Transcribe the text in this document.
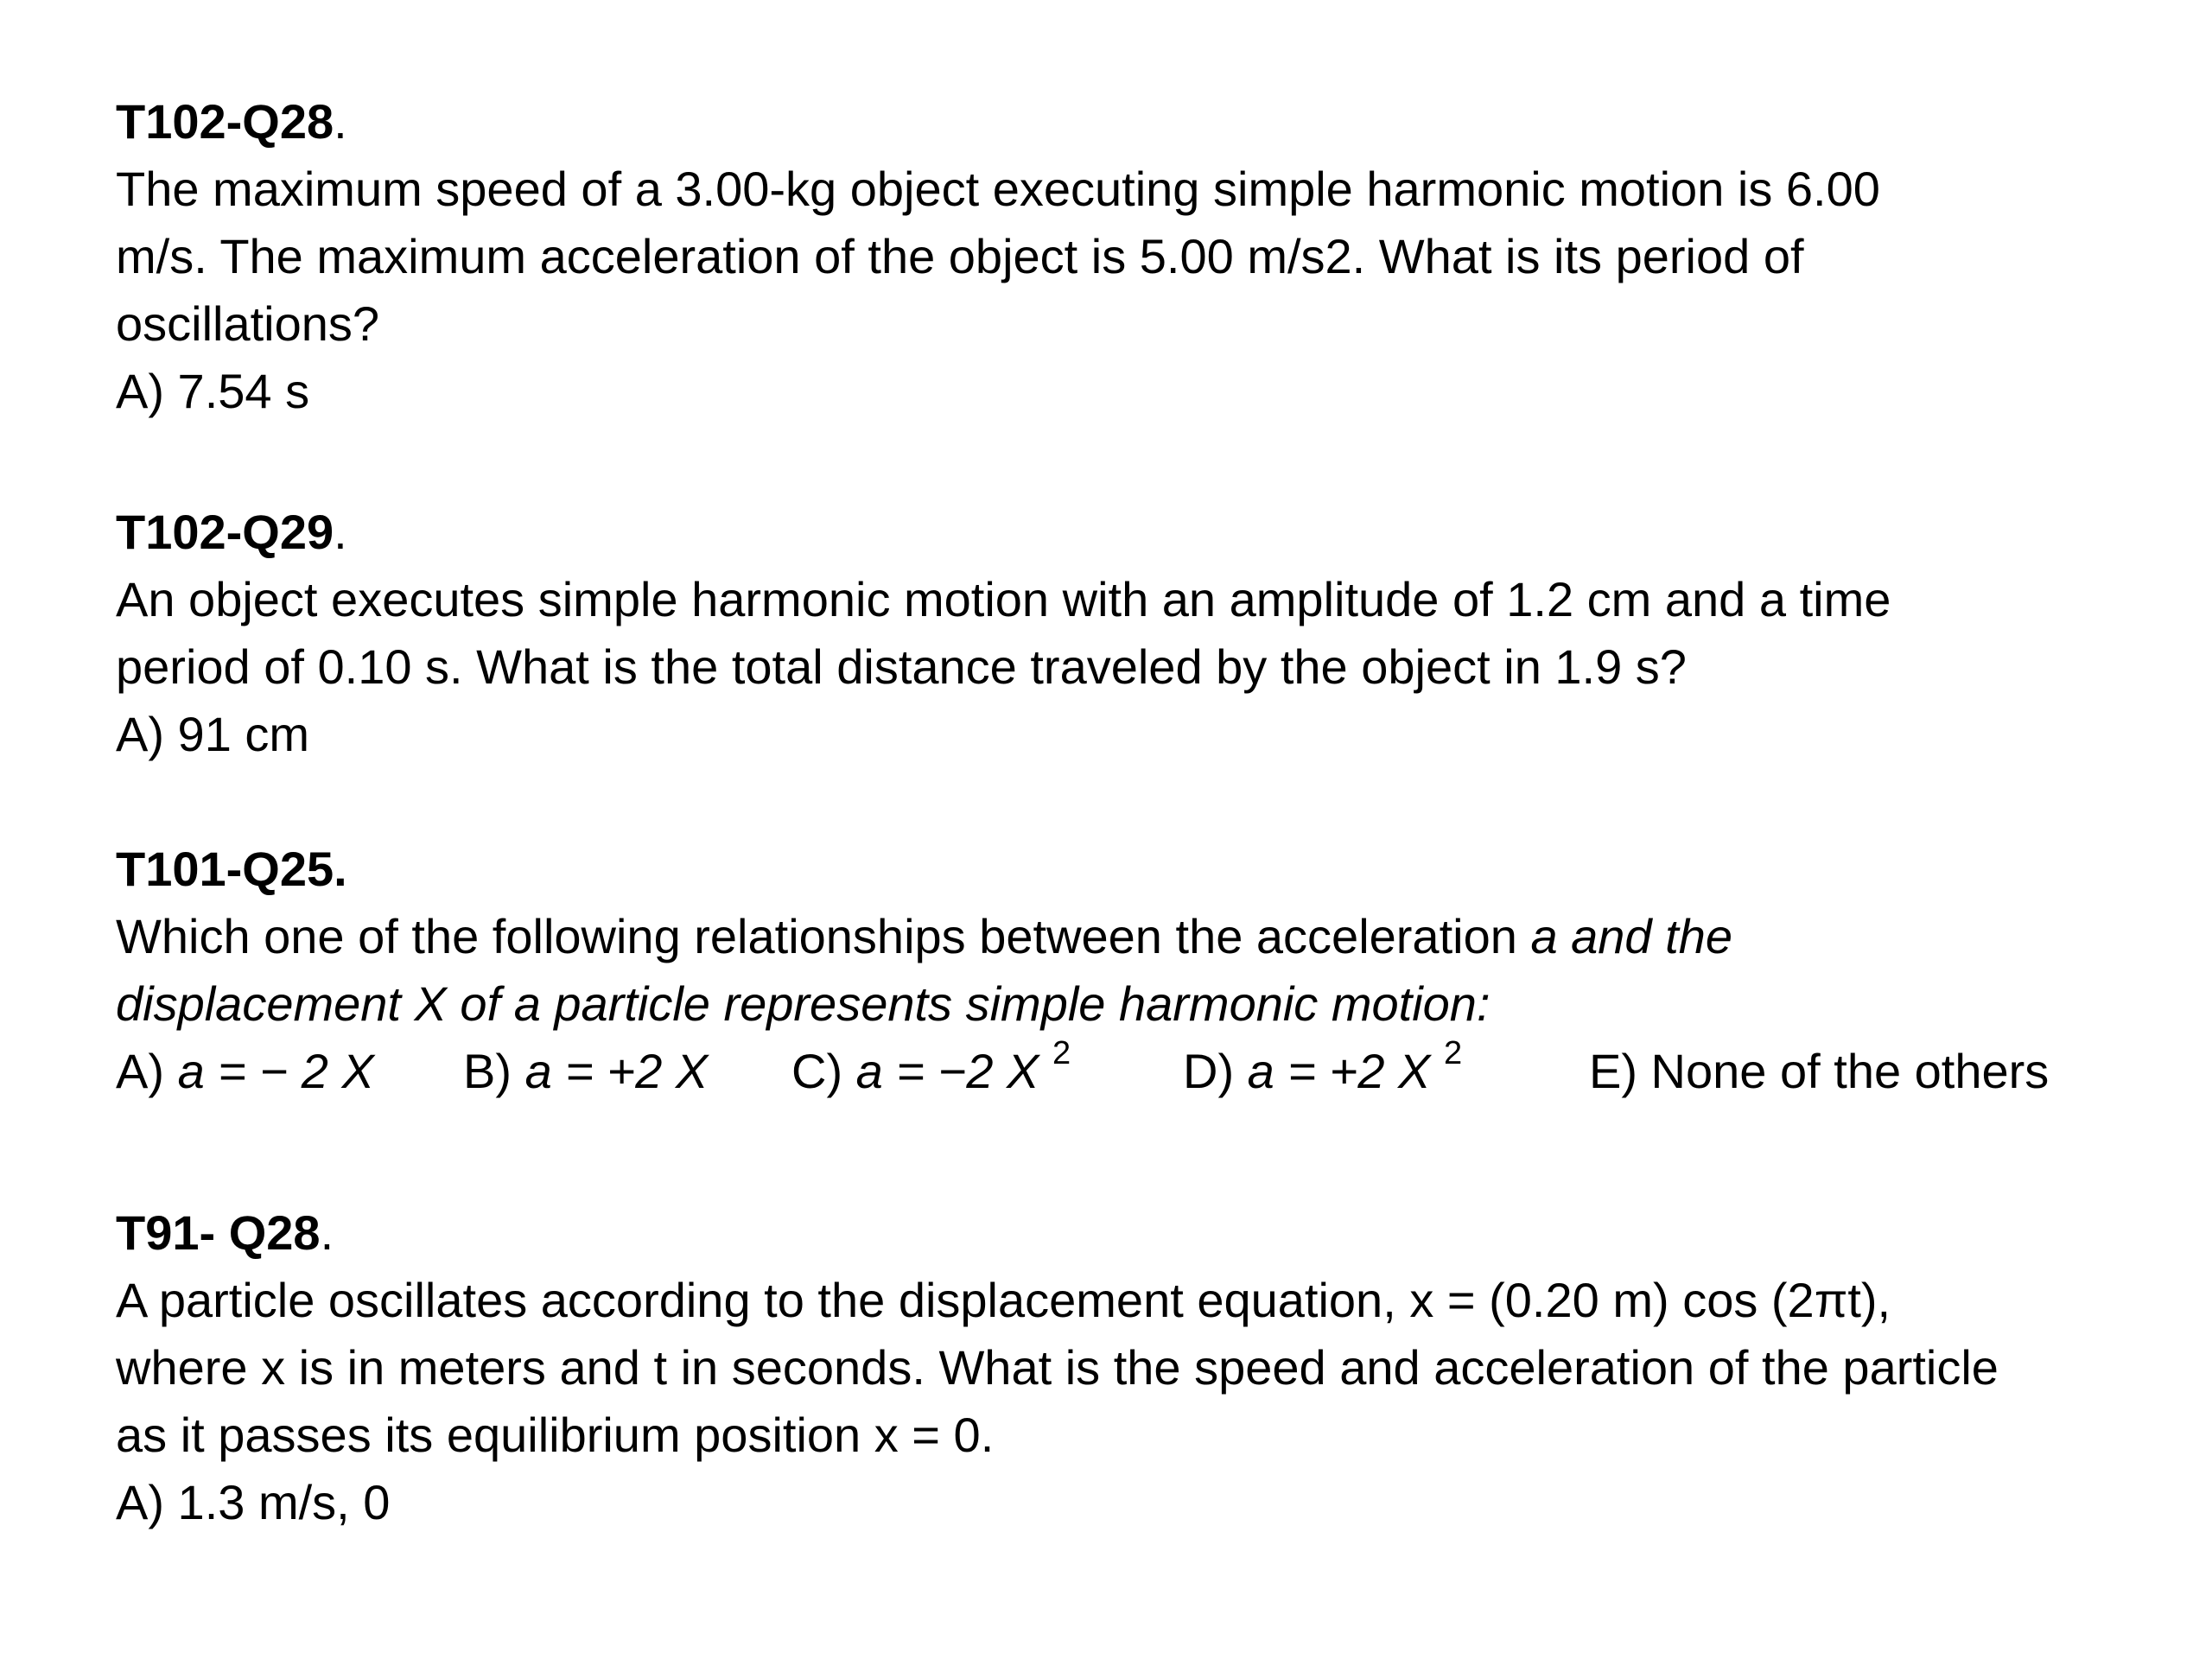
T102-Q28.
The maximum speed of a 3.00-kg object executing simple harmonic motion is 6.00
m/s. The maximum acceleration of the object is 5.00 m/s2. What is its period of
oscillations?
A) 7.54 s
T102-Q29.
An object executes simple harmonic motion with an amplitude of 1.2 cm and a time
period of 0.10 s. What is the total distance traveled by the object in 1.9 s?
A) 91 cm
T101-Q25.
Which one of the following relationships between the acceleration a and the
displacement X of a particle represents simple harmonic motion:
A) a = − 2 X B) a = +2 X C) a = −2 X $^2$ D) a = +2 X $^2$	E) None of the others
T91- Q28.
A particle oscillates according to the displacement equation, x = (0.20 m) cos (2πt),
where x is in meters and t in seconds. What is the speed and acceleration of the particle
as it passes its equilibrium position x = 0.
A) 1.3 m/s, 0
